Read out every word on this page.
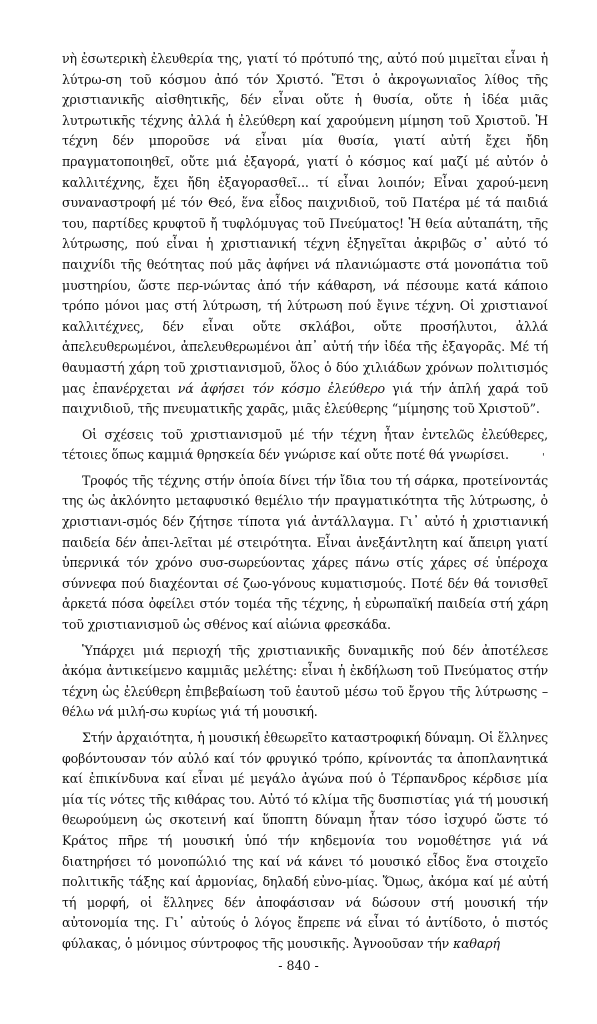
νὴ ἐσωτερικὴ ἐλευθερία της, γιατί τό πρότυπό της, αὐτό πού μιμεῖται εἶναι ἡ λύτρω-ση τοῦ κόσμου ἀπό τόν Χριστό. Ἔτσι ὁ ἀκρογωνιαῖος λίθος τῆς χριστιανικῆς αἰσθητικῆς, δέν εἶναι οὔτε ἡ θυσία, οὔτε ἡ ἰδέα μιᾶς λυτρωτικῆς τέχνης ἀλλά ἡ ἐλεύθερη καί χαρούμενη μίμηση τοῦ Χριστοῦ. Ἡ τέχνη δέν μποροῦσε νά εἶναι μία θυσία, γιατί αὐτή ἔχει ἤδη πραγματοποιηθεῖ, οὔτε μιά ἐξαγορά, γιατί ὁ κόσμος καί μαζί μέ αὐτόν ὁ καλλιτέχνης, ἔχει ἤδη ἐξαγορασθεῖ... τί εἶναι λοιπόν; Εἶναι χαρού-μενη συναναστροφή μέ τόν Θεό, ἕνα εἶδος παιχνιδιοῦ, τοῦ Πατέρα μέ τά παιδιά του, παρτίδες κρυφτοῦ ἤ τυφλόμυγας τοῦ Πνεύματος! Ἡ θεία αὐταπάτη, τῆς λύτρωσης, πού εἶναι ἡ χριστιανική τέχνη ἐξηγεῖται ἀκριβῶς σ᾽ αὐτό τό παιχνίδι τῆς θεότητας πού μᾶς ἀφήνει νά πλανιώμαστε στά μονοπάτια τοῦ μυστηρίου, ὥστε περ-νώντας ἀπό τήν κάθαρση, νά πέσουμε κατά κάποιο τρόπο μόνοι μας στή λύτρωση, τή λύτρωση πού ἔγινε τέχνη. Οἱ χριστιανοί καλλιτέχνες, δέν εἶναι οὔτε σκλάβοι, οὔτε προσήλυτοι, ἀλλά ἀπελευθερωμένοι, ἀπελευθερωμένοι ἀπ᾽ αὐτή τήν ἰδέα τῆς ἐξαγορᾶς. Μέ τή θαυμαστή χάρη τοῦ χριστιανισμοῦ, ὅλος ὁ δύο χιλιάδων χρόνων πολιτισμός μας ἐπανέρχεται νά ἀφήσει τόν κόσμο ἐλεύθερο γιά τήν ἁπλή χαρά τοῦ παιχνιδιοῦ, τῆς πνευματικῆς χαρᾶς, μιᾶς ἐλεύθερης “μίμησης τοῦ Χριστοῦ”.

Οἱ σχέσεις τοῦ χριστιανισμοῦ μέ τήν τέχνη ἦταν ἐντελῶς ἐλεύθερες, τέτοιες ὅπως καμμιά θρησκεία δέν γνώρισε καί οὔτε ποτέ θά γνωρίσει.

Τροφός τῆς τέχνης στήν ὁποία δίνει τήν ἴδια του τή σάρκα, προτείνοντάς της ὡς ἀκλόνητο μεταφυσικό θεμέλιο τήν πραγματικότητα τῆς λύτρωσης, ὁ χριστιανι-σμός δέν ζήτησε τίποτα γιά ἀντάλλαγμα. Γι᾽ αὐτό ἡ χριστιανική παιδεία δέν ἀπει-λεῖται μέ στειρότητα. Εἶναι ἀνεξάντλητη καί ἄπειρη γιατί ὑπερνικά τόν χρόνο συσ-σωρεύοντας χάρες πάνω στίς χάρες σέ ὑπέροχα σύννεφα πού διαχέονται σέ ζωο-γόνους κυματισμούς. Ποτέ δέν θά τονισθεῖ ἀρκετά πόσα ὀφείλει στόν τομέα τῆς τέχνης, ἡ εὐρωπαϊκή παιδεία στή χάρη τοῦ χριστιανισμοῦ ὡς σθένος καί αἰώνια φρεσκάδα.

Ὑπάρχει μιά περιοχή τῆς χριστιανικῆς δυναμικῆς πού δέν ἀποτέλεσε ἀκόμα ἀντικείμενο καμμιᾶς μελέτης: εἶναι ἡ ἐκδήλωση τοῦ Πνεύματος στήν τέχνη ὡς ἐλεύθερη ἐπιβεβαίωση τοῦ ἑαυτοῦ μέσω τοῦ ἔργου τῆς λύτρωσης – θέλω νά μιλή-σω κυρίως γιά τή μουσική.

Στήν ἀρχαιότητα, ἡ μουσική ἐθεωρεῖτο καταστροφική δύναμη. Οἱ ἕλληνες φοβόντουσαν τόν αὐλό καί τόν φρυγικό τρόπο, κρίνοντάς τα ἀποπλανητικά καί ἐπικίνδυνα καί εἶναι μέ μεγάλο ἀγώνα πού ὁ Τέρπανδρος κέρδισε μία μία τίς νότες τῆς κιθάρας του. Αὐτό τό κλίμα τῆς δυσπιστίας γιά τή μουσική θεωρούμενη ὡς σκοτεινή καί ὕποπτη δύναμη ἦταν τόσο ἰσχυρό ὥστε τό Κράτος πῆρε τή μουσική ὑπό τήν κηδεμονία του νομοθέτησε γιά νά διατηρήσει τό μονοπώλιό της καί νά κάνει τό μουσικό εἶδος ἕνα στοιχεῖο πολιτικῆς τάξης καί ἁρμονίας, δηλαδή εὐνο-μίας. Ὅμως, ἀκόμα καί μέ αὐτή τή μορφή, οἱ ἕλληνες δέν ἀποφάσισαν νά δώσουν στή μουσική τήν αὐτονομία της. Γι᾽ αὐτούς ὁ λόγος ἔπρεπε νά εἶναι τό ἀντίδοτο, ὁ πιστός φύλακας, ὁ μόνιμος σύντροφος τῆς μουσικῆς. Ἀγνοοῦσαν τήν καθαρή

'
- 840 -
